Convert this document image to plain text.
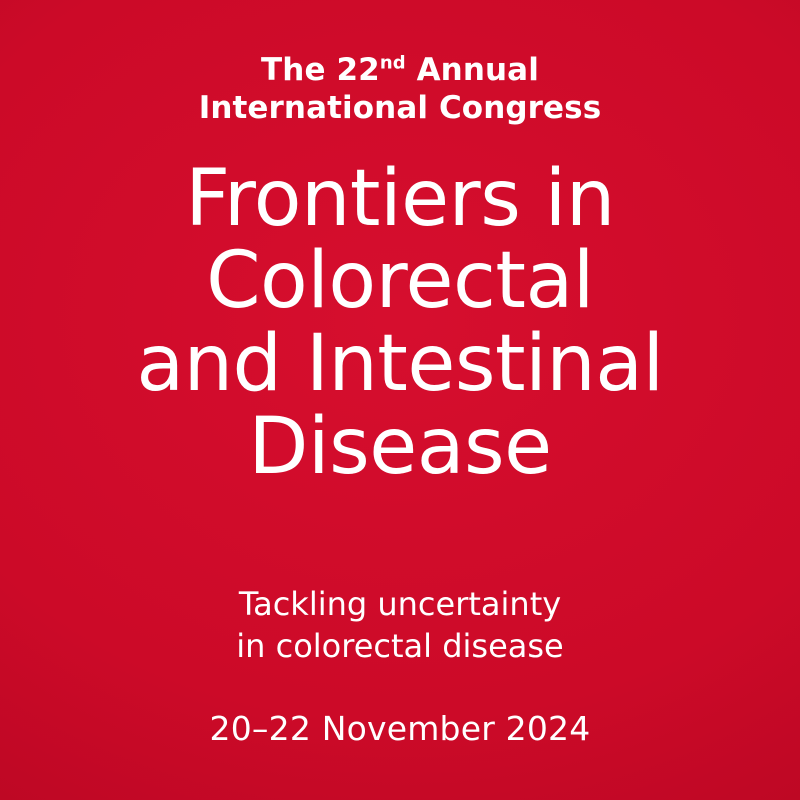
The 22nd Annual
International Congress
Frontiers in
Colorectal
and Intestinal
Disease
Tackling uncertainty
in colorectal disease
20–22 November 2024
